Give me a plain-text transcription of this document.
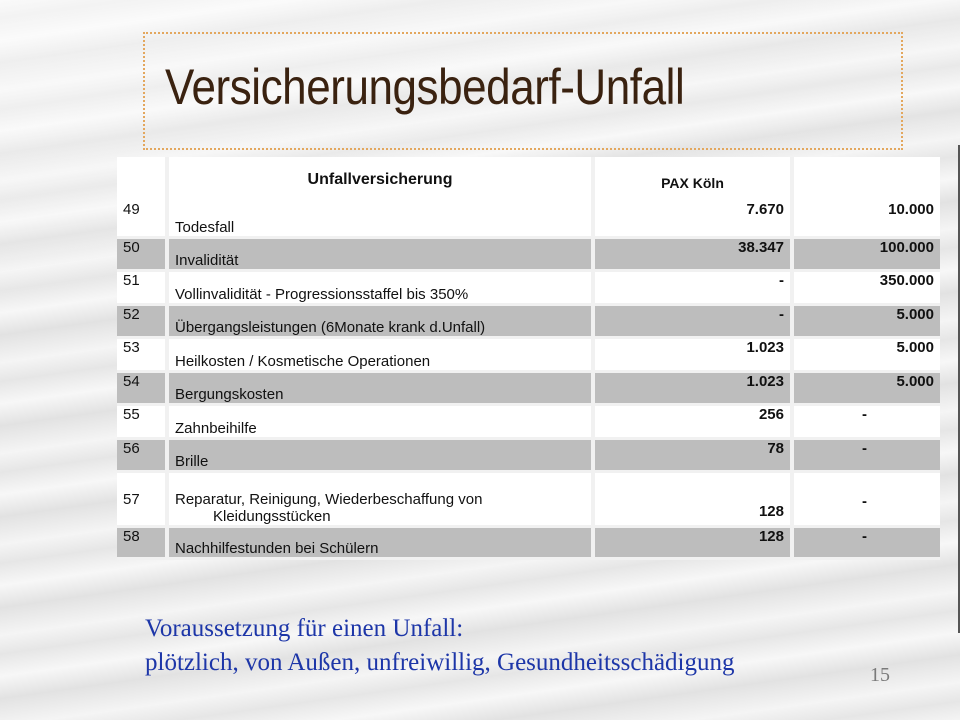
Versicherungsbedarf-Unfall
	Unfallversicherung	PAX Köln	
49	Todesfall	7.670	10.000
50	Invalidität	38.347	100.000
51	Vollinvalidität - Progressionsstaffel bis 350%	-	350.000
52	Übergangsleistungen (6Monate krank d.Unfall)	-	5.000
53	Heilkosten / Kosmetische Operationen	1.023	5.000
54	Bergungskosten	1.023	5.000
55	Zahnbeihilfe	256	-
56	Brille	78	-
57	Reparatur, Reinigung, Wiederbeschaffung von
Kleidungsstücken	128	-
58	Nachhilfestunden bei Schülern	128	-

Voraussetzung für einen Unfall:
plötzlich, von Außen, unfreiwillig, Gesundheitsschädigung	15
